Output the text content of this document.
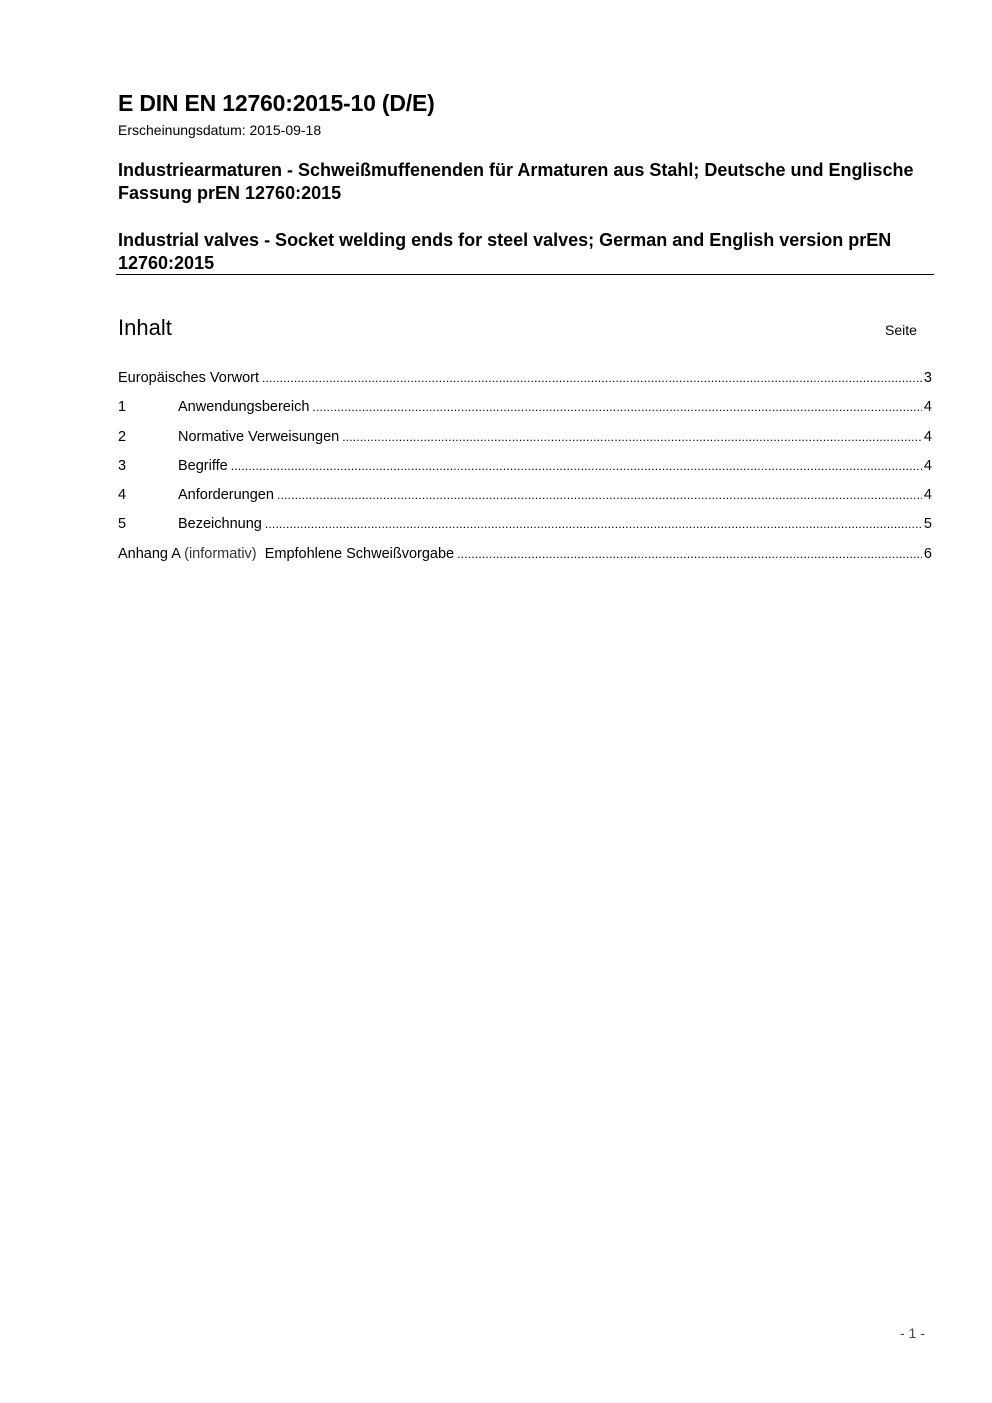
E DIN EN 12760:2015-10 (D/E)
Erscheinungsdatum: 2015-09-18
Industriearmaturen - Schweißmuffenenden für Armaturen aus Stahl; Deutsche und Englische Fassung prEN 12760:2015
Industrial valves - Socket welding ends for steel valves; German and English version prEN 12760:2015
Inhalt	Seite
Europäisches Vorwort .....	3
1	Anwendungsbereich .....	4
2	Normative Verweisungen .....	4
3	Begriffe .....	4
4	Anforderungen .....	4
5	Bezeichnung .....	5
Anhang A (informativ) Empfohlene Schweißvorgabe .....	6
- 1 -
